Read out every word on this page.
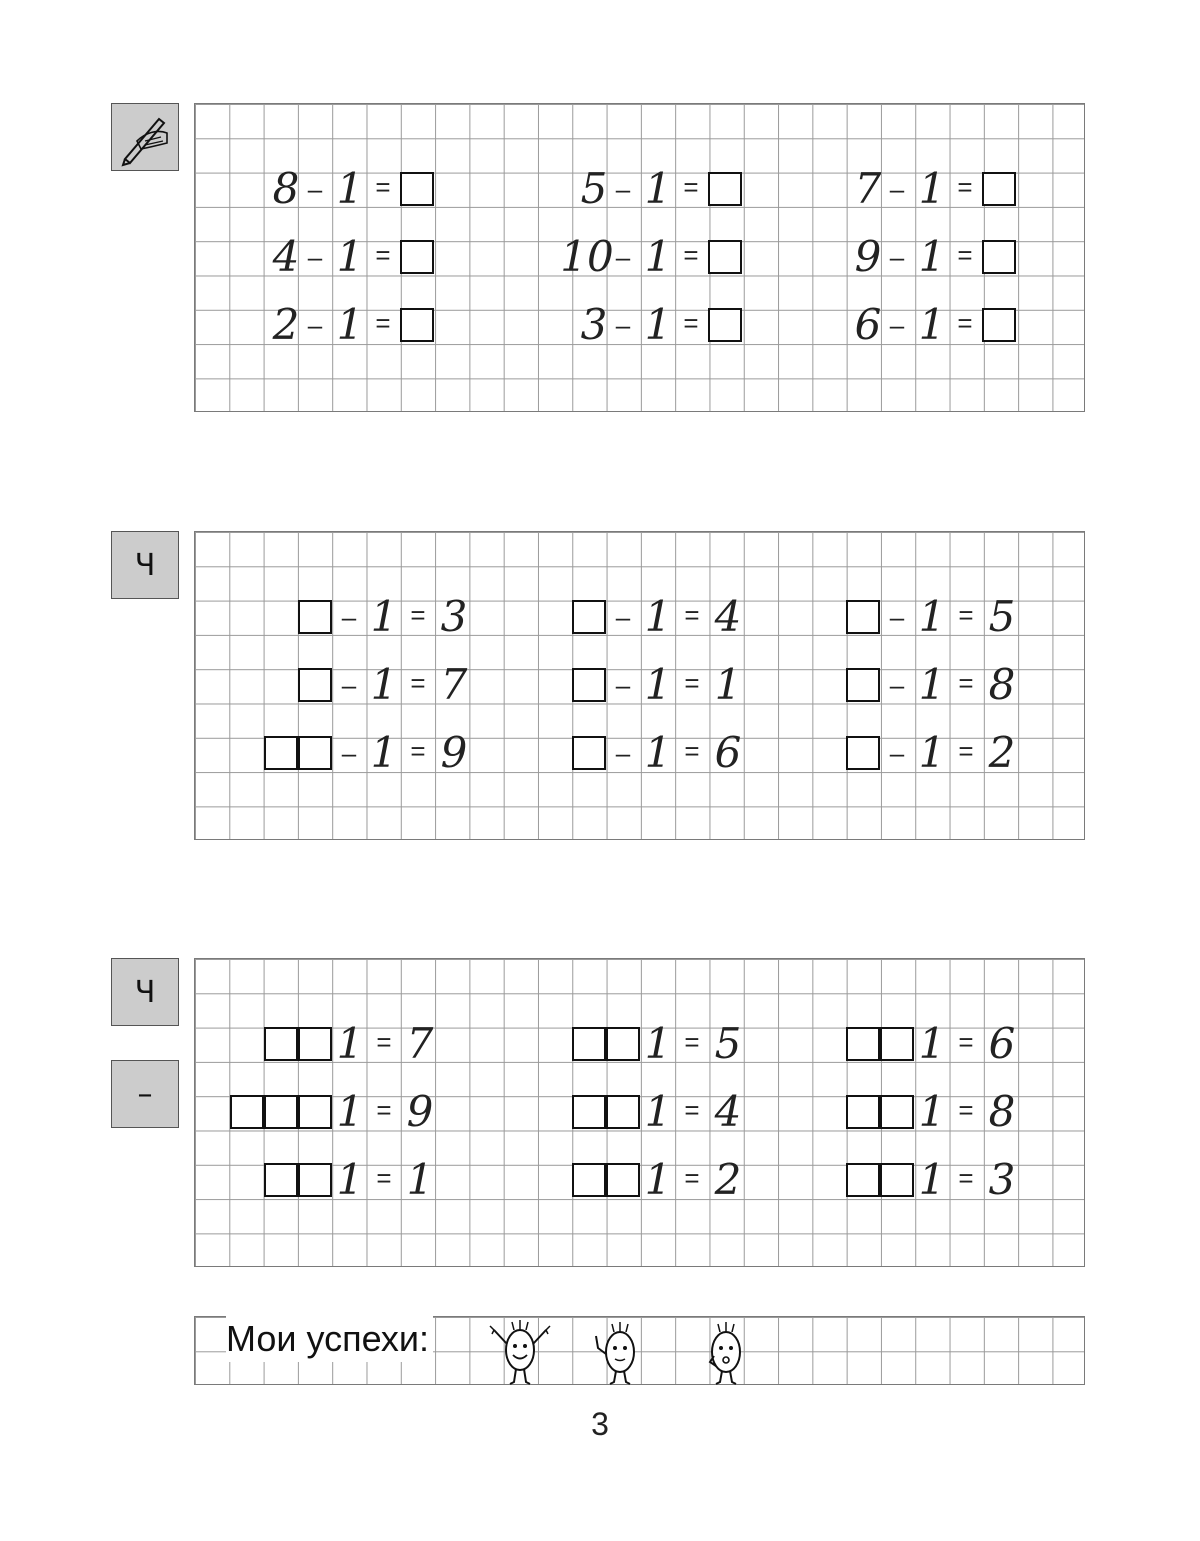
Ч
Ч
–
8 – 1 =	5 – 1 =	7 – 1 =
4 – 1 =	10 – 1 =	9 – 1 =
2 – 1 =	3 – 1 =	6 – 1 =
– 1 = 3	– 1 = 4	– 1 = 5
– 1 = 7	– 1 = 1	– 1 = 8
– 1 = 9	– 1 = 6	– 1 = 2
1 = 7	1 = 5	1 = 6
1 = 9	1 = 4	1 = 8
1 = 1	1 = 2	1 = 3
Мои успехи:
3
